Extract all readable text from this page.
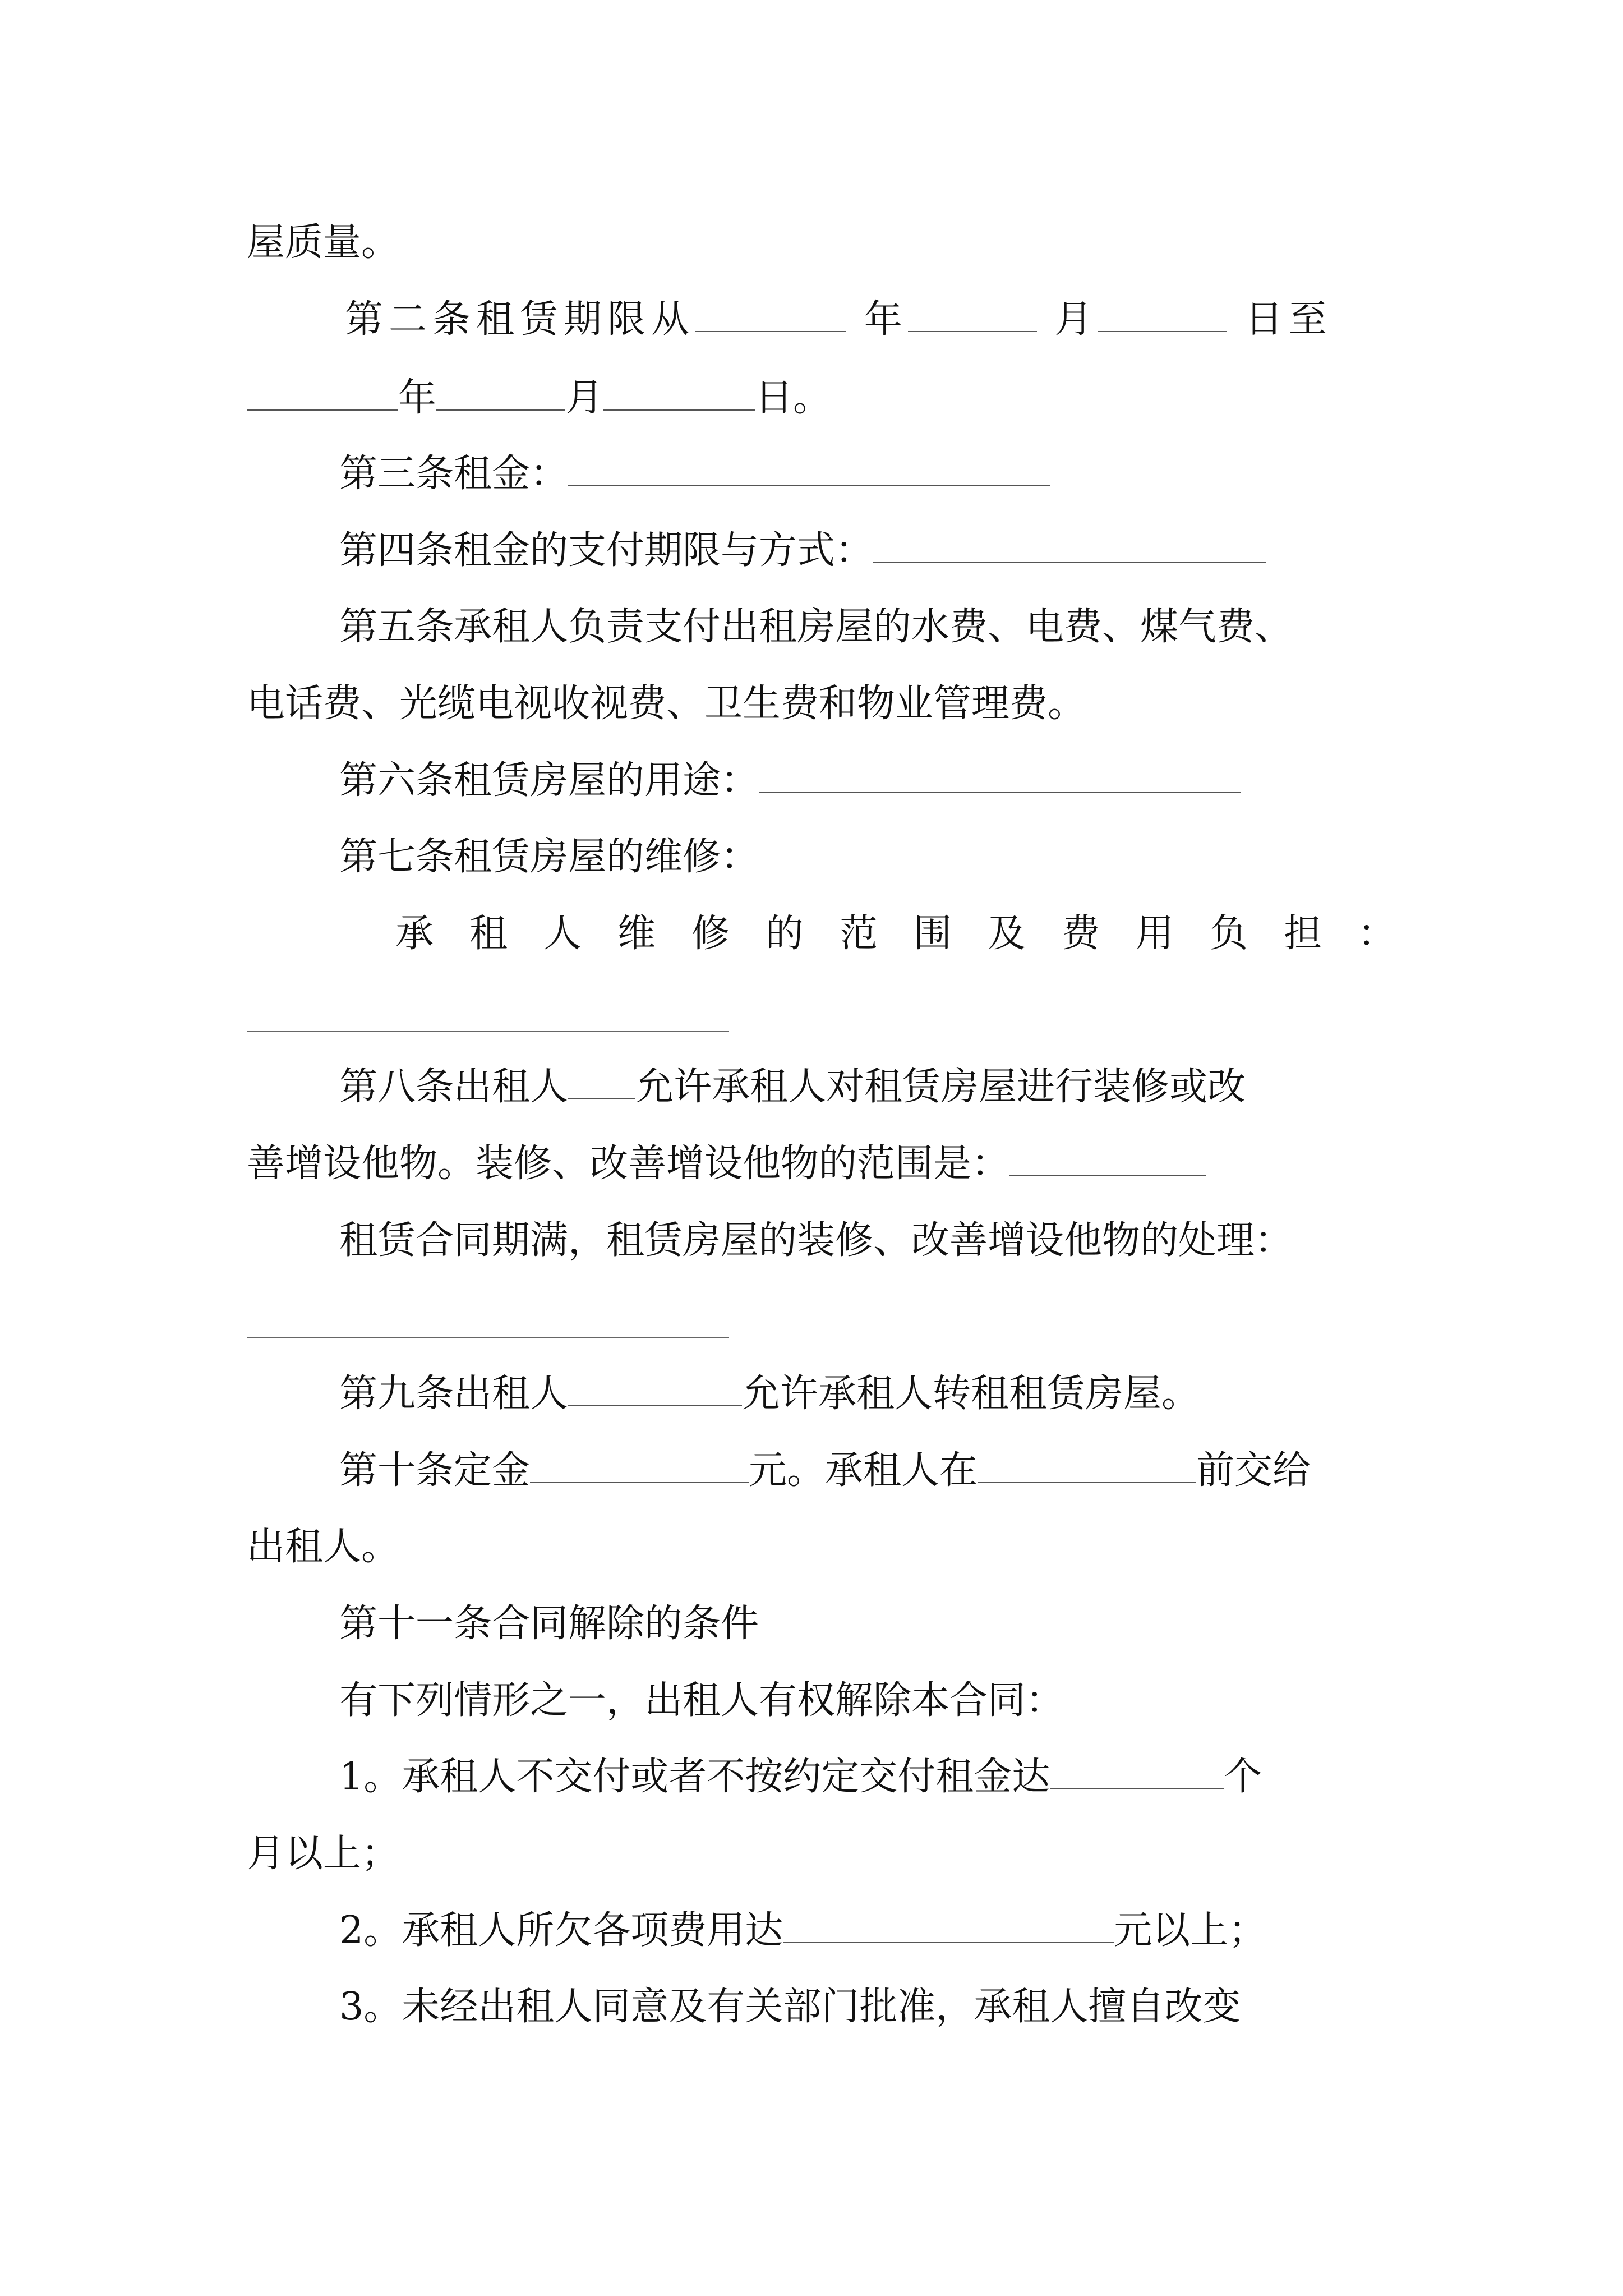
屋质量。
第二条租赁期限从	年	月	日至
年	月	日。
第三条租金：
第四条租金的支付期限与方式：
第五条承租人负责支付出租房屋的水费、电费、煤气费、
电话费、光缆电视收视费、卫生费和物业管理费。
第六条租赁房屋的用途：
第七条租赁房屋的维修：
承租人维修的范围及费用负担：
第八条出租人 允许承租人对租赁房屋进行装修或改
善增设他物。装修、改善增设他物的范围是：
租赁合同期满，租赁房屋的装修、改善增设他物的处理：
第九条出租人	允许承租人转租租赁房屋。
第十条定金	元。承租人在	前交给
出租人。
第十一条合同解除的条件
有下列情形之一，出租人有权解除本合同：
1。承租人不交付或者不按约定交付租金达	个
月以上；
2。承租人所欠各项费用达	元以上；
3。未经出租人同意及有关部门批准，承租人擅自改变
